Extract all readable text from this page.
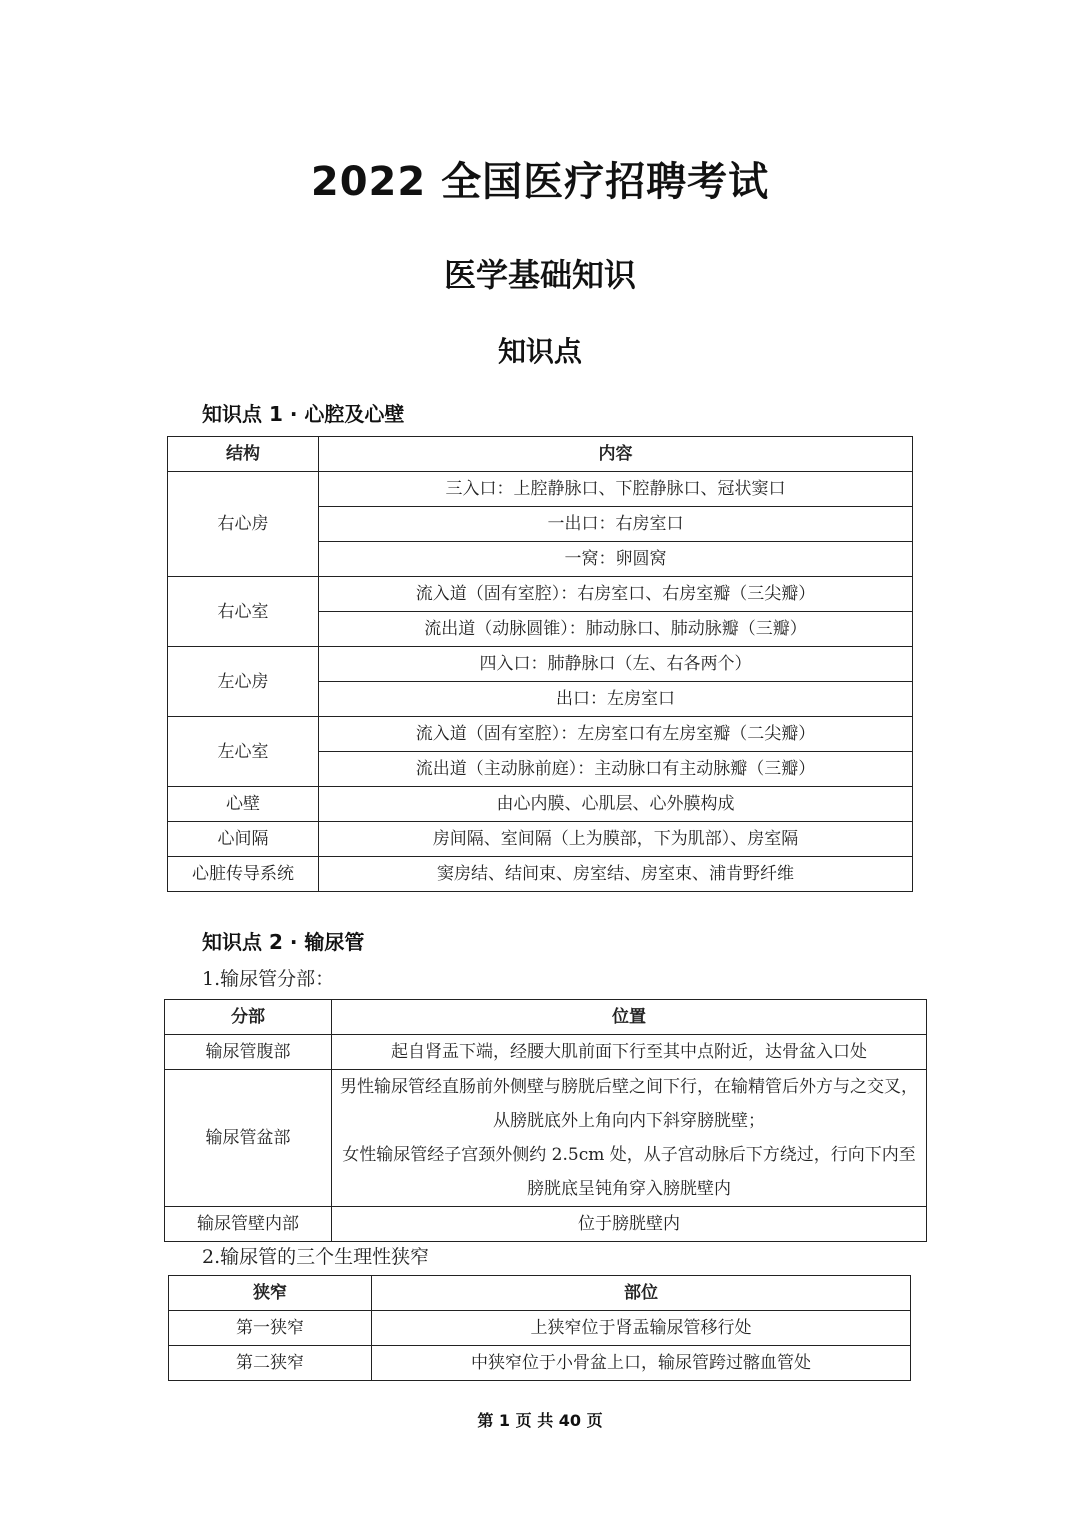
2022 全国医疗招聘考试
医学基础知识
知识点
知识点 1 · 心腔及心壁
结构	内容
右心房	三入口：上腔静脉口、下腔静脉口、冠状窦口
	一出口：右房室口
	一窝：卵圆窝
右心室	流入道（固有室腔）：右房室口、右房室瓣（三尖瓣）
	流出道（动脉圆锥）：肺动脉口、肺动脉瓣（三瓣）
左心房	四入口：肺静脉口（左、右各两个）
	出口：左房室口
左心室	流入道（固有室腔）：左房室口有左房室瓣（二尖瓣）
	流出道（主动脉前庭）：主动脉口有主动脉瓣（三瓣）
心壁	由心内膜、心肌层、心外膜构成
心间隔	房间隔、室间隔（上为膜部，下为肌部）、房室隔
心脏传导系统	窦房结、结间束、房室结、房室束、浦肯野纤维
知识点 2 · 输尿管
1.输尿管分部：
分部	位置
输尿管腹部	起自肾盂下端，经腰大肌前面下行至其中点附近，达骨盆入口处
输尿管盆部	男性输尿管经直肠前外侧壁与膀胱后壁之间下行，在输精管后外方与之交叉，从膀胱底外上角向内下斜穿膀胱壁；
女性输尿管经子宫颈外侧约 2.5cm 处，从子宫动脉后下方绕过，行向下内至膀胱底呈钝角穿入膀胱壁内

输尿管壁内部	位于膀胱壁内
2.输尿管的三个生理性狭窄
狭窄	部位
第一狭窄	上狭窄位于肾盂输尿管移行处
第二狭窄	中狭窄位于小骨盆上口，输尿管跨过髂血管处
第 1 页 共 40 页
